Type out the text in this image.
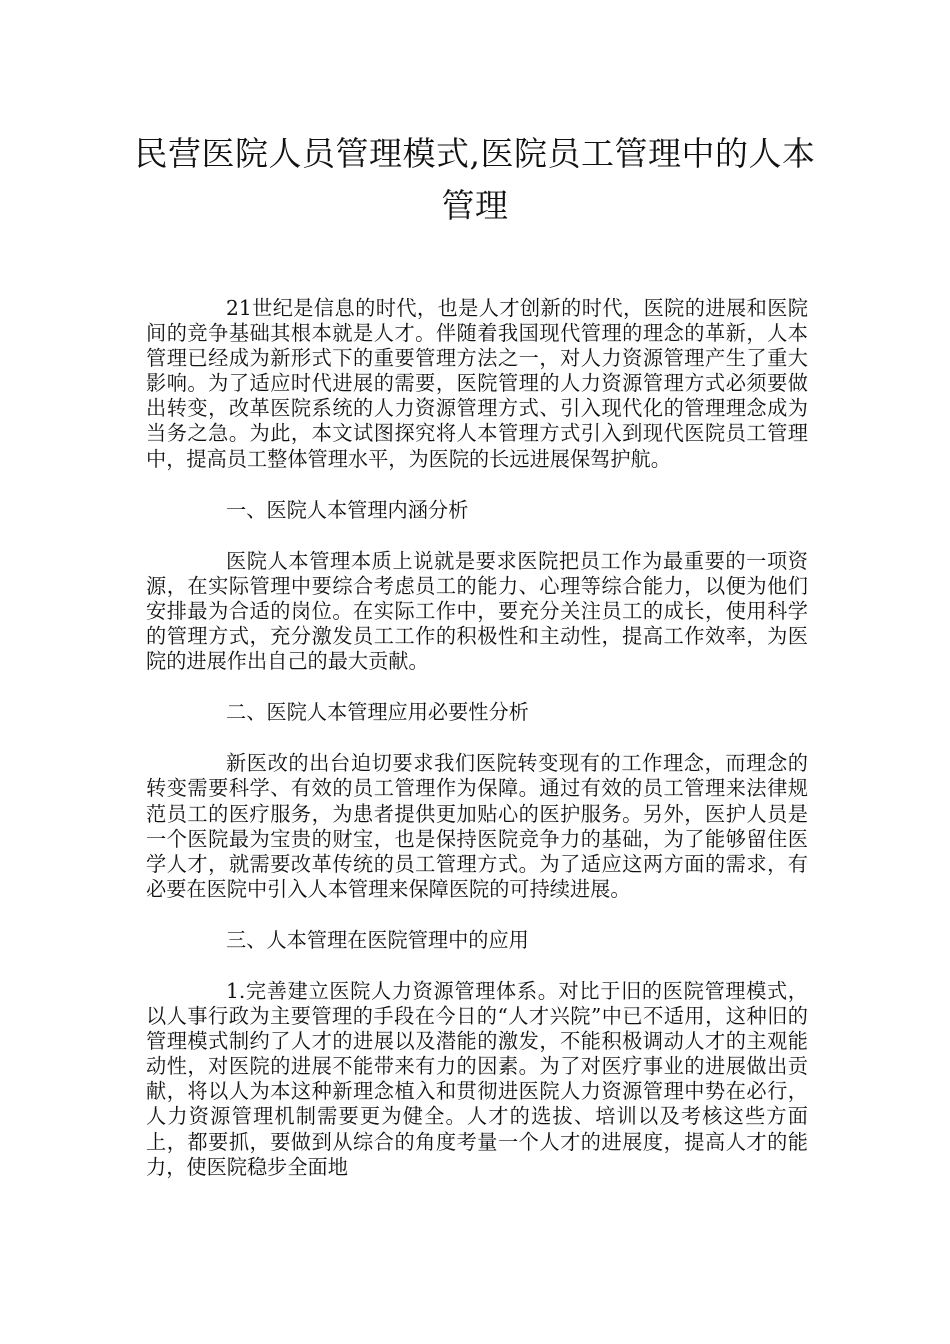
民营医院人员管理模式,医院员工管理中的人本管理

21世纪是信息的时代，也是人才创新的时代，医院的进展和医院间的竞争基础其根本就是人才。伴随着我国现代管理的理念的革新，人本管理已经成为新形式下的重要管理方法之一，对人力资源管理产生了重大影响。为了适应时代进展的需要，医院管理的人力资源管理方式必须要做出转变，改革医院系统的人力资源管理方式、引入现代化的管理理念成为当务之急。为此，本文试图探究将人本管理方式引入到现代医院员工管理中，提高员工整体管理水平，为医院的长远进展保驾护航。

一、医院人本管理内涵分析

医院人本管理本质上说就是要求医院把员工作为最重要的一项资源，在实际管理中要综合考虑员工的能力、心理等综合能力，以便为他们安排最为合适的岗位。在实际工作中，要充分关注员工的成长，使用科学的管理方式，充分激发员工工作的积极性和主动性，提高工作效率，为医院的进展作出自己的最大贡献。

二、医院人本管理应用必要性分析

新医改的出台迫切要求我们医院转变现有的工作理念，而理念的转变需要科学、有效的员工管理作为保障。通过有效的员工管理来法律规范员工的医疗服务，为患者提供更加贴心的医护服务。另外，医护人员是一个医院最为宝贵的财宝，也是保持医院竞争力的基础，为了能够留住医学人才，就需要改革传统的员工管理方式。为了适应这两方面的需求，有必要在医院中引入人本管理来保障医院的可持续进展。

三、人本管理在医院管理中的应用

1.完善建立医院人力资源管理体系。对比于旧的医院管理模式，以人事行政为主要管理的手段在今日的“人才兴院”中已不适用，这种旧的管理模式制约了人才的进展以及潜能的激发，不能积极调动人才的主观能动性，对医院的进展不能带来有力的因素。为了对医疗事业的进展做出贡献，将以人为本这种新理念植入和贯彻进医院人力资源管理中势在必行，人力资源管理机制需要更为健全。人才的选拔、培训以及考核这些方面上，都要抓，要做到从综合的角度考量一个人才的进展度，提高人才的能力，使医院稳步全面地
